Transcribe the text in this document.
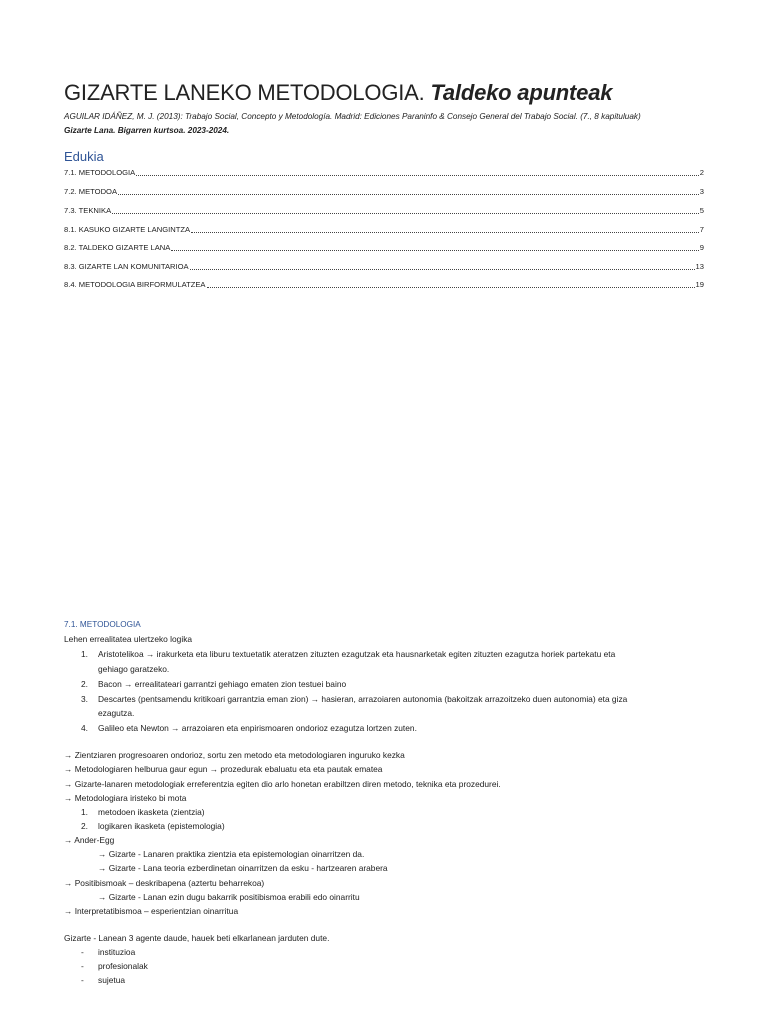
GIZARTE LANEKO METODOLOGIA. Taldeko apunteak
AGUILAR IDÁÑEZ, M. J. (2013): Trabajo Social, Concepto y Metodología. Madrid: Ediciones Paraninfo & Consejo General del Trabajo Social. (7., 8 kapituluak)
Gizarte Lana. Bigarren kurtsoa. 2023-2024.
Edukia
7.1. METODOLOGIA	2
7.2. METODOA	3
7.3. TEKNIKA	5
8.1. KASUKO GIZARTE LANGINTZA	7
8.2. TALDEKO GIZARTE LANA	9
8.3. GIZARTE LAN KOMUNITARIOA	13
8.4. METODOLOGIA BIRFORMULATZEA	19
7.1. METODOLOGIA
Lehen errealitatea ulertzeko logika
1. Aristotelikoa → irakurketa eta liburu textuetatik ateratzen zituzten ezagutzak eta hausnarketak egiten zituzten ezagutza horiek partekatu eta
gehiago garatzeko.
2. Bacon → errealitateari garrantzi gehiago ematen zion testuei baino
3. Descartes (pentsamendu kritikoari garrantzia eman zion) → hasieran, arrazoiaren autonomia (bakoitzak arrazoitzeko duen autonomia) eta giza
ezagutza.
4. Galileo eta Newton → arrazoiaren eta enpirismoaren ondorioz ezagutza lortzen zuten.
→ Zientziaren progresoaren ondorioz, sortu zen metodo eta metodologiaren inguruko kezka
→ Metodologiaren helburua gaur egun → prozedurak ebaluatu eta eta pautak ematea
→ Gizarte-lanaren metodologiak erreferentzia egiten dio arlo honetan erabiltzen diren metodo, teknika eta prozedurei.
→ Metodologiara iristeko bi mota
1. metodoen ikasketa (zientzia)
2. logikaren ikasketa (epistemologia)
→ Ander-Egg
→ Gizarte - Lanaren praktika zientzia eta epistemologian oinarritzen da.
→ Gizarte - Lana teoria ezberdinetan oinarritzen da esku - hartzearen arabera
→ Positibismoak – deskribapena (aztertu beharrekoa)
→ Gizarte - Lanan ezin dugu bakarrik positibismoa erabili edo oinarritu
→ Interpretatibismoa – esperientzian oinarritua
Gizarte - Lanean 3 agente daude, hauek beti elkarlanean jarduten dute.
- instituzioa
- profesionalak
- sujetua
